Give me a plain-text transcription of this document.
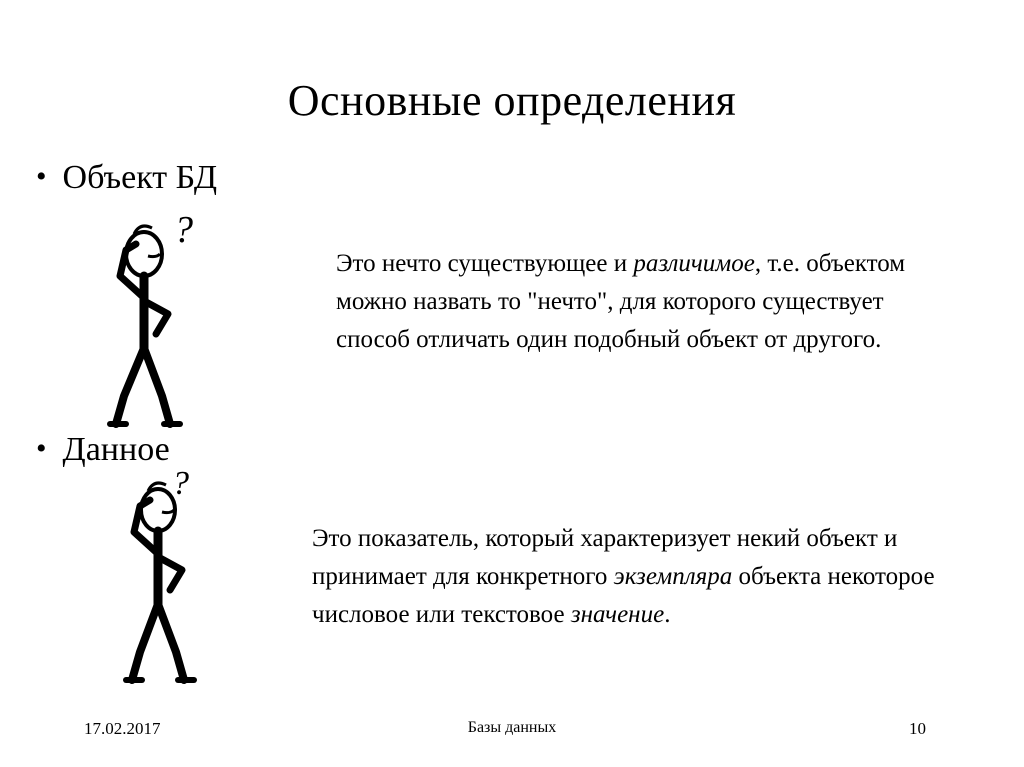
Основные определения
• Объект БД
?
Это нечто существующее и различимое, т.е. объектом можно назвать то "нечто", для которого существует способ отличать один подобный объект от другого.
• Данное
?
Это показатель, который характеризует некий объект и принимает для конкретного экземпляра объекта некоторое числовое или текстовое значение.
17.02.2017	Базы данных	10
